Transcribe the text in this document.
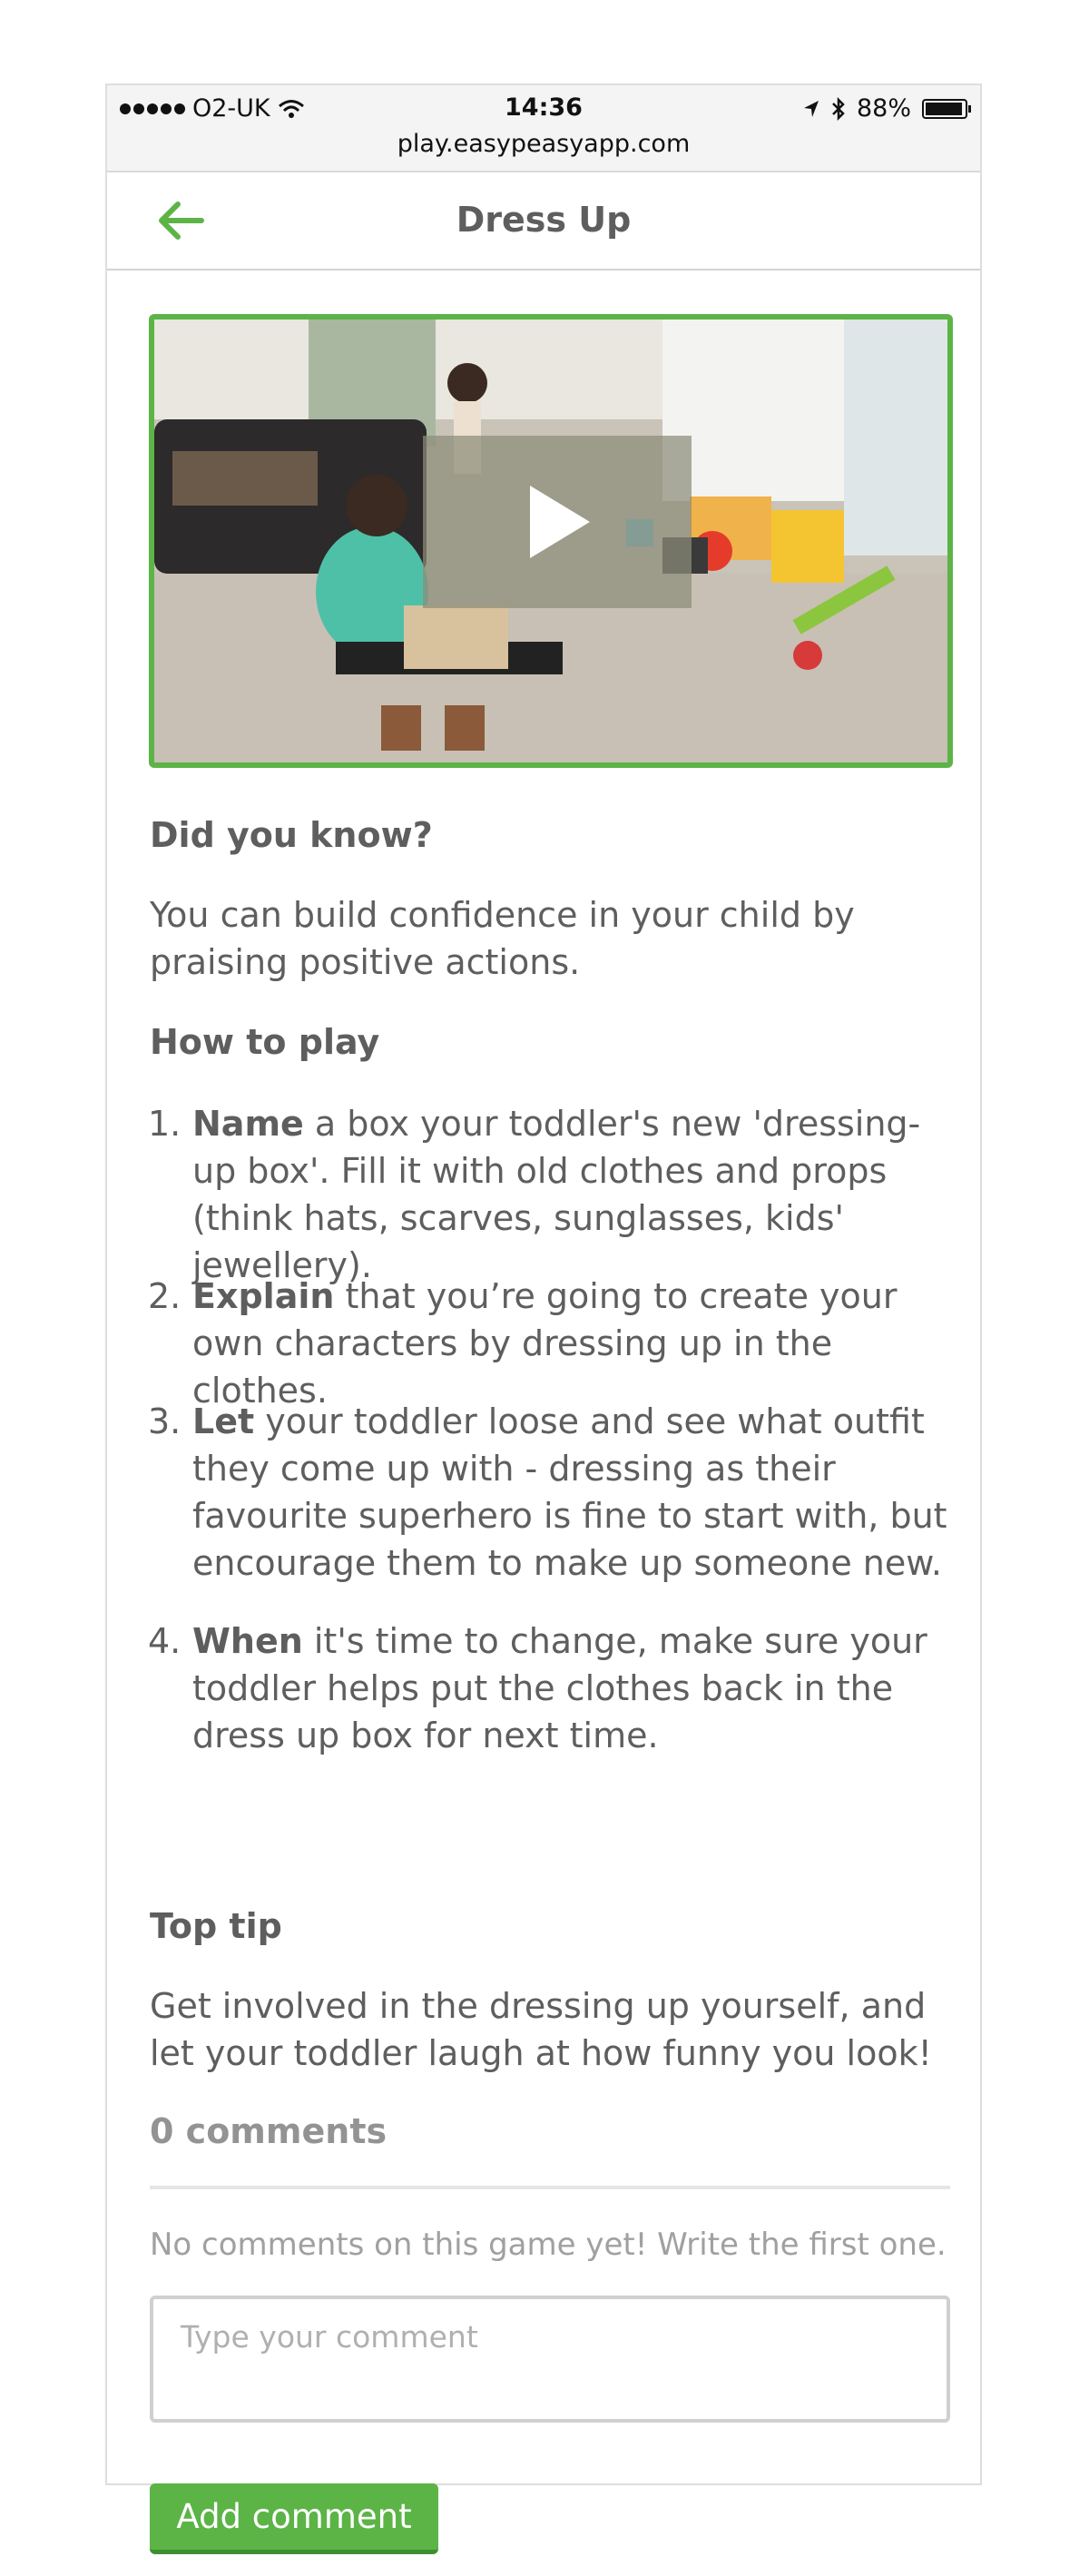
O2-UK	14:36	88%
play.easypeasyapp.com
Dress Up
Did you know?

You can build confidence in your child by praising positive actions.

How to play
1. Name a box your toddler's new 'dressing-up box'. Fill it with old clothes and props (think hats, scarves, sunglasses, kids' jewellery).
2. Explain that you’re going to create your own characters by dressing up in the clothes.
3. Let your toddler loose and see what outfit they come up with - dressing as their favourite superhero is fine to start with, but encourage them to make up someone new.
4. When it's time to change, make sure your toddler helps put the clothes back in the dress up box for next time.
Top tip

Get involved in the dressing up yourself, and let your toddler laugh at how funny you look!

0 comments
No comments on this game yet! Write the first one.
Type your comment
Add comment
